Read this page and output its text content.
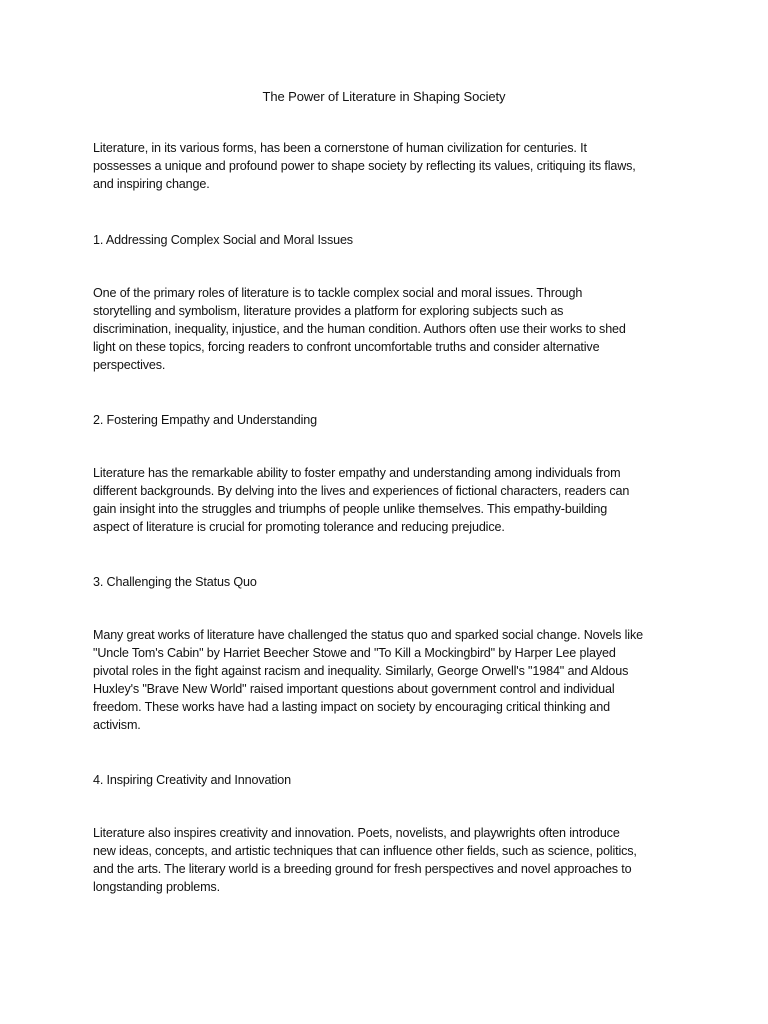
The Power of Literature in Shaping Society
Literature, in its various forms, has been a cornerstone of human civilization for centuries. It
possesses a unique and profound power to shape society by reflecting its values, critiquing its flaws,
and inspiring change.
1. Addressing Complex Social and Moral Issues
One of the primary roles of literature is to tackle complex social and moral issues. Through
storytelling and symbolism, literature provides a platform for exploring subjects such as
discrimination, inequality, injustice, and the human condition. Authors often use their works to shed
light on these topics, forcing readers to confront uncomfortable truths and consider alternative
perspectives.
2. Fostering Empathy and Understanding
Literature has the remarkable ability to foster empathy and understanding among individuals from
different backgrounds. By delving into the lives and experiences of fictional characters, readers can
gain insight into the struggles and triumphs of people unlike themselves. This empathy-building
aspect of literature is crucial for promoting tolerance and reducing prejudice.
3. Challenging the Status Quo
Many great works of literature have challenged the status quo and sparked social change. Novels like
"Uncle Tom's Cabin" by Harriet Beecher Stowe and "To Kill a Mockingbird" by Harper Lee played
pivotal roles in the fight against racism and inequality. Similarly, George Orwell's "1984" and Aldous
Huxley's "Brave New World" raised important questions about government control and individual
freedom. These works have had a lasting impact on society by encouraging critical thinking and
activism.
4. Inspiring Creativity and Innovation
Literature also inspires creativity and innovation. Poets, novelists, and playwrights often introduce
new ideas, concepts, and artistic techniques that can influence other fields, such as science, politics,
and the arts. The literary world is a breeding ground for fresh perspectives and novel approaches to
longstanding problems.
